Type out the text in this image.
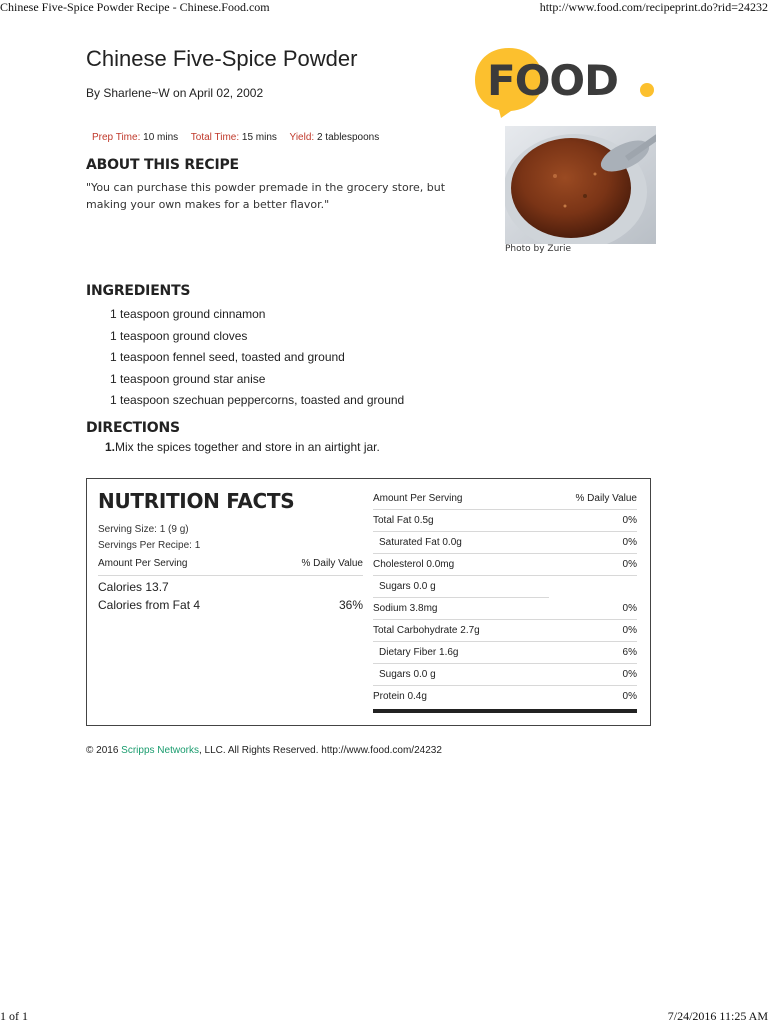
Chinese Five-Spice Powder Recipe - Chinese.Food.com	http://www.food.com/recipeprint.do?rid=24232
Chinese Five-Spice Powder
By Sharlene~W on April 02, 2002	FOOD
Prep Time: 10 mins Total Time: 15 mins Yield: 2 tablespoons
ABOUT THIS RECIPE
"You can purchase this powder premade in the grocery store, but making your own makes for a better flavor."
Photo by Zurie
INGREDIENTS
1 teaspoon ground cinnamon
1 teaspoon ground cloves
1 teaspoon fennel seed, toasted and ground
1 teaspoon ground star anise
1 teaspoon szechuan peppercorns, toasted and ground
DIRECTIONS
1.Mix the spices together and store in an airtight jar.
NUTRITION FACTS
Serving Size: 1 (9 g)
Servings Per Recipe: 1
Amount Per Serving	% Daily Value
Calories 13.7
Calories from Fat 4	36%
Amount Per Serving	% Daily Value
Total Fat 0.5g	0%
Saturated Fat 0.0g	0%
Cholesterol 0.0mg	0%
Sugars 0.0 g
Sodium 3.8mg	0%
Total Carbohydrate 2.7g	0%
Dietary Fiber 1.6g	6%
Sugars 0.0 g	0%
Protein 0.4g	0%
© 2016 Scripps Networks, LLC. All Rights Reserved. http://www.food.com/24232
1 of 1	7/24/2016 11:25 AM
